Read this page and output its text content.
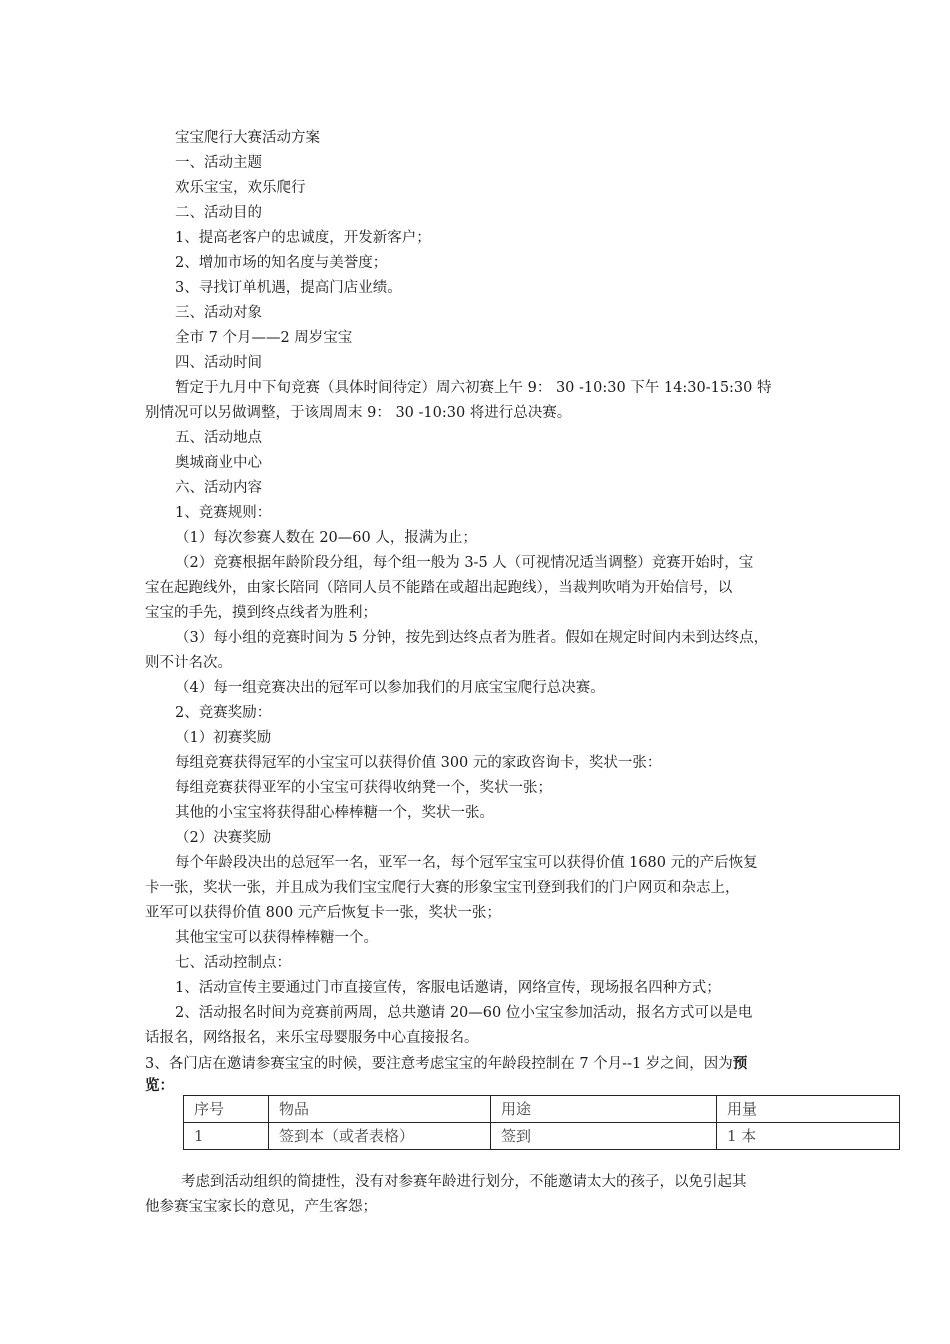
宝宝爬行大赛活动方案
一、活动主题
欢乐宝宝，欢乐爬行
二、活动目的
1、提高老客户的忠诚度，开发新客户；
2、增加市场的知名度与美誉度；
3、寻找订单机遇，提高门店业绩。
三、活动对象
全市 7 个月——2 周岁宝宝
四、活动时间
暂定于九月中下旬竞赛（具体时间待定）周六初赛上午 9： 30 -10:30 下午 14:30-15:30 特
别情况可以另做调整，于该周周末 9： 30 -10:30 将进行总决赛。
五、活动地点
奥城商业中心
六、活动内容
1、竞赛规则：
（1）每次参赛人数在 20—60 人，报满为止；
（2）竞赛根据年龄阶段分组，每个组一般为 3-5 人（可视情况适当调整）竞赛开始时，宝
宝在起跑线外，由家长陪同（陪同人员不能踏在或超出起跑线），当裁判吹哨为开始信号，以
宝宝的手先，摸到终点线者为胜利；
（3）每小组的竞赛时间为 5 分钟，按先到达终点者为胜者。假如在规定时间内未到达终点，
则不计名次。
（4）每一组竞赛决出的冠军可以参加我们的月底宝宝爬行总决赛。
2、竞赛奖励：
（1）初赛奖励
每组竞赛获得冠军的小宝宝可以获得价值 300 元的家政咨询卡，奖状一张：
每组竞赛获得亚军的小宝宝可获得收纳凳一个，奖状一张；
其他的小宝宝将获得甜心棒棒糖一个，奖状一张。
（2）决赛奖励
每个年龄段决出的总冠军一名，亚军一名，每个冠军宝宝可以获得价值 1680 元的产后恢复
卡一张，奖状一张，并且成为我们宝宝爬行大赛的形象宝宝刊登到我们的门户网页和杂志上，
亚军可以获得价值 800 元产后恢复卡一张，奖状一张；
其他宝宝可以获得棒棒糖一个。
七、活动控制点：
1、活动宣传主要通过门市直接宣传，客服电话邀请，网络宣传，现场报名四种方式；
2、活动报名时间为竞赛前两周，总共邀请 20—60 位小宝宝参加活动，报名方式可以是电
话报名，网络报名，来乐宝母婴服务中心直接报名。
3、各门店在邀请参赛宝宝的时候，要注意考虑宝宝的年龄段控制在 7 个月--1 岁之间，因为预
览：
序号	物品	用途	用量
1	签到本（或者表格）	签到	1 本
考虑到活动组织的简捷性，没有对参赛年龄进行划分，不能邀请太大的孩子，以免引起其
他参赛宝宝家长的意见，产生客怨；
